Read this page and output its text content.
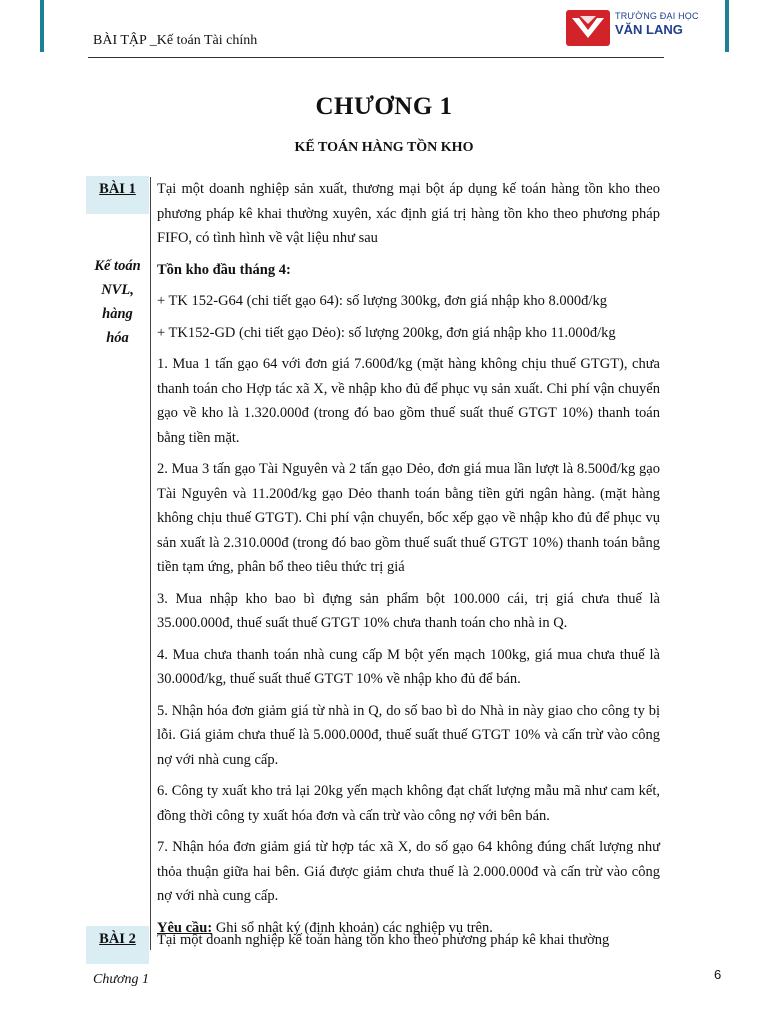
BÀI TẬP _Kế toán Tài chính
TRƯỜNG ĐẠI HỌC
VĂN LANG
CHƯƠNG 1
KẾ TOÁN HÀNG TỒN KHO
BÀI 1
Kế toán
NVL,
hàng
hóa
BÀI 2

Tại một doanh nghiệp sản xuất, thương mại bột áp dụng kế toán hàng tồn kho theo phương pháp kê khai thường xuyên, xác định giá trị hàng tồn kho theo phương pháp FIFO, có tình hình về vật liệu như sau

Tồn kho đầu tháng 4:

+ TK 152-G64 (chi tiết gạo 64): số lượng 300kg, đơn giá nhập kho 8.000đ/kg

+ TK152-GD (chi tiết gạo Dẻo): số lượng 200kg, đơn giá nhập kho 11.000đ/kg

1. Mua 1 tấn gạo 64 với đơn giá 7.600đ/kg (mặt hàng không chịu thuế GTGT), chưa thanh toán cho Hợp tác xã X, về nhập kho đủ để phục vụ sản xuất. Chi phí vận chuyển gạo về kho là 1.320.000đ (trong đó bao gồm thuế suất thuế GTGT 10%) thanh toán bằng tiền mặt.

2. Mua 3 tấn gạo Tài Nguyên và 2 tấn gạo Dẻo, đơn giá mua lần lượt là 8.500đ/kg gạo Tài Nguyên và 11.200đ/kg gạo Dẻo thanh toán bằng tiền gửi ngân hàng. (mặt hàng không chịu thuế GTGT). Chi phí vận chuyển, bốc xếp gạo về nhập kho đủ để phục vụ sản xuất là 2.310.000đ (trong đó bao gồm thuế suất thuế GTGT 10%) thanh toán bằng tiền tạm ứng, phân bổ theo tiêu thức trị giá

3. Mua nhập kho bao bì đựng sản phẩm bột 100.000 cái, trị giá chưa thuế là 35.000.000đ, thuế suất thuế GTGT 10% chưa thanh toán cho nhà in Q.

4. Mua chưa thanh toán nhà cung cấp M bột yến mạch 100kg, giá mua chưa thuế là 30.000đ/kg, thuế suất thuế GTGT 10% về nhập kho đủ để bán.

5. Nhận hóa đơn giảm giá từ nhà in Q, do số bao bì do Nhà in này giao cho công ty bị lỗi. Giá giảm chưa thuế là 5.000.000đ, thuế suất thuế GTGT 10% và cấn trừ vào công nợ với nhà cung cấp.

6. Công ty xuất kho trả lại 20kg yến mạch không đạt chất lượng mẫu mã như cam kết, đồng thời công ty xuất hóa đơn và cấn trừ vào công nợ với bên bán.

7. Nhận hóa đơn giảm giá từ hợp tác xã X, do số gạo 64 không đúng chất lượng như thỏa thuận giữa hai bên. Giá được giảm chưa thuế là 2.000.000đ và cấn trừ vào công nợ với nhà cung cấp.

Yêu cầu: Ghi sổ nhật ký (định khoản) các nghiệp vụ trên.

Tại một doanh nghiệp kế toán hàng tồn kho theo phương pháp kê khai thường
Chương 1	6
